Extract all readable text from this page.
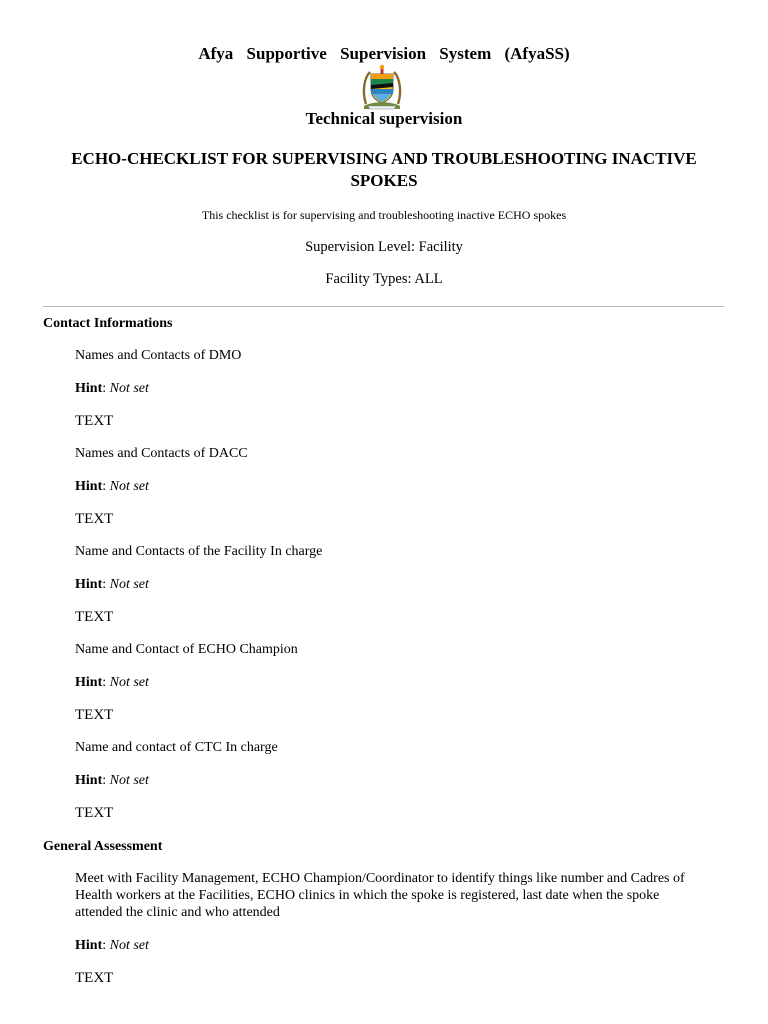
Afya Supportive Supervision System (AfyaSS)
Technical supervision
ECHO-CHECKLIST FOR SUPERVISING AND TROUBLESHOOTING INACTIVE SPOKES
This checklist is for supervising and troubleshooting inactive ECHO spokes
Supervision Level: Facility
Facility Types: ALL
Contact Informations
Names and Contacts of DMO
Hint: Not set
TEXT
Names and Contacts of DACC
Hint: Not set
TEXT
Name and Contacts of the Facility In charge
Hint: Not set
TEXT
Name and Contact of ECHO Champion
Hint: Not set
TEXT
Name and contact of CTC In charge
Hint: Not set
TEXT
General Assessment
Meet with Facility Management, ECHO Champion/Coordinator to identify things like number and Cadres of Health workers at the Facilities, ECHO clinics in which the spoke is registered, last date when the spoke attended the clinic and who attended
Hint: Not set
TEXT
